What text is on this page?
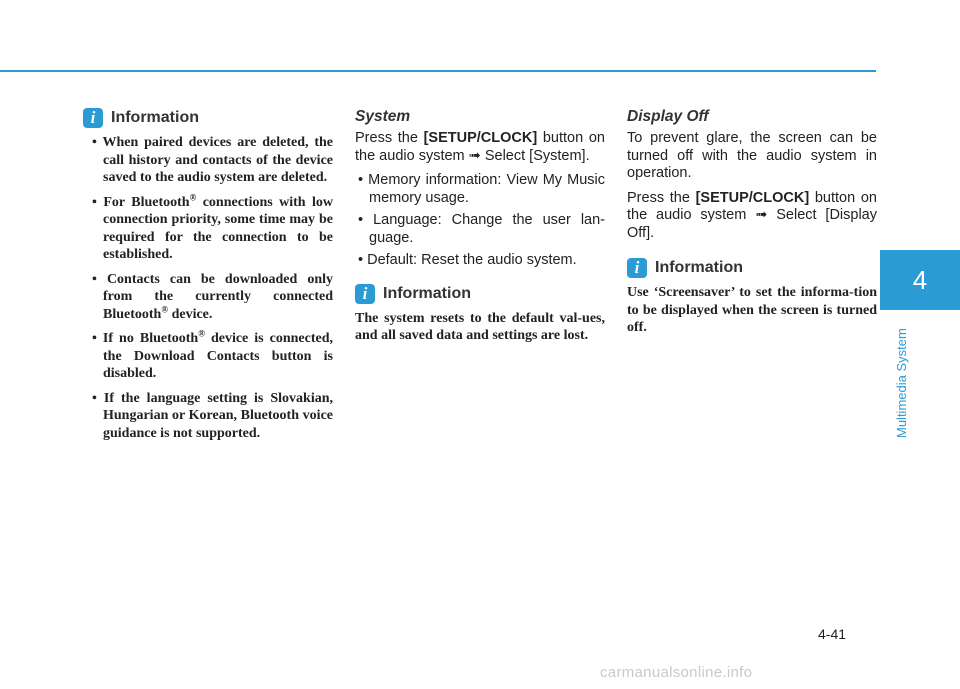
i Information
• When paired devices are deleted, the call history and contacts of the device saved to the audio system are deleted.
• For Bluetooth® connections with low connection priority, some time may be required for the connection to be established.
• Contacts can be downloaded only from the currently connected Bluetooth® device.
• If no Bluetooth® device is connected, the Download Contacts button is disabled.
• If the language setting is Slovakian, Hungarian or Korean, Bluetooth voice guidance is not supported.
System

Press the [SETUP/CLOCK] button on the audio system ➟ Select [System].

• Memory information: View My Music memory usage.
• Language: Change the user lan-guage.
• Default: Reset the audio system.
i Information

The system resets to the default val-ues, and all saved data and settings are lost.

Display Off

To prevent glare, the screen can be turned off with the audio system in operation.

Press the [SETUP/CLOCK] button on the audio system ➟ Select [Display Off].

i Information

Use ‘Screensaver’ to set the informa-tion to be displayed when the screen is turned off.

4
Multimedia System
4-41
carmanualsonline.info
